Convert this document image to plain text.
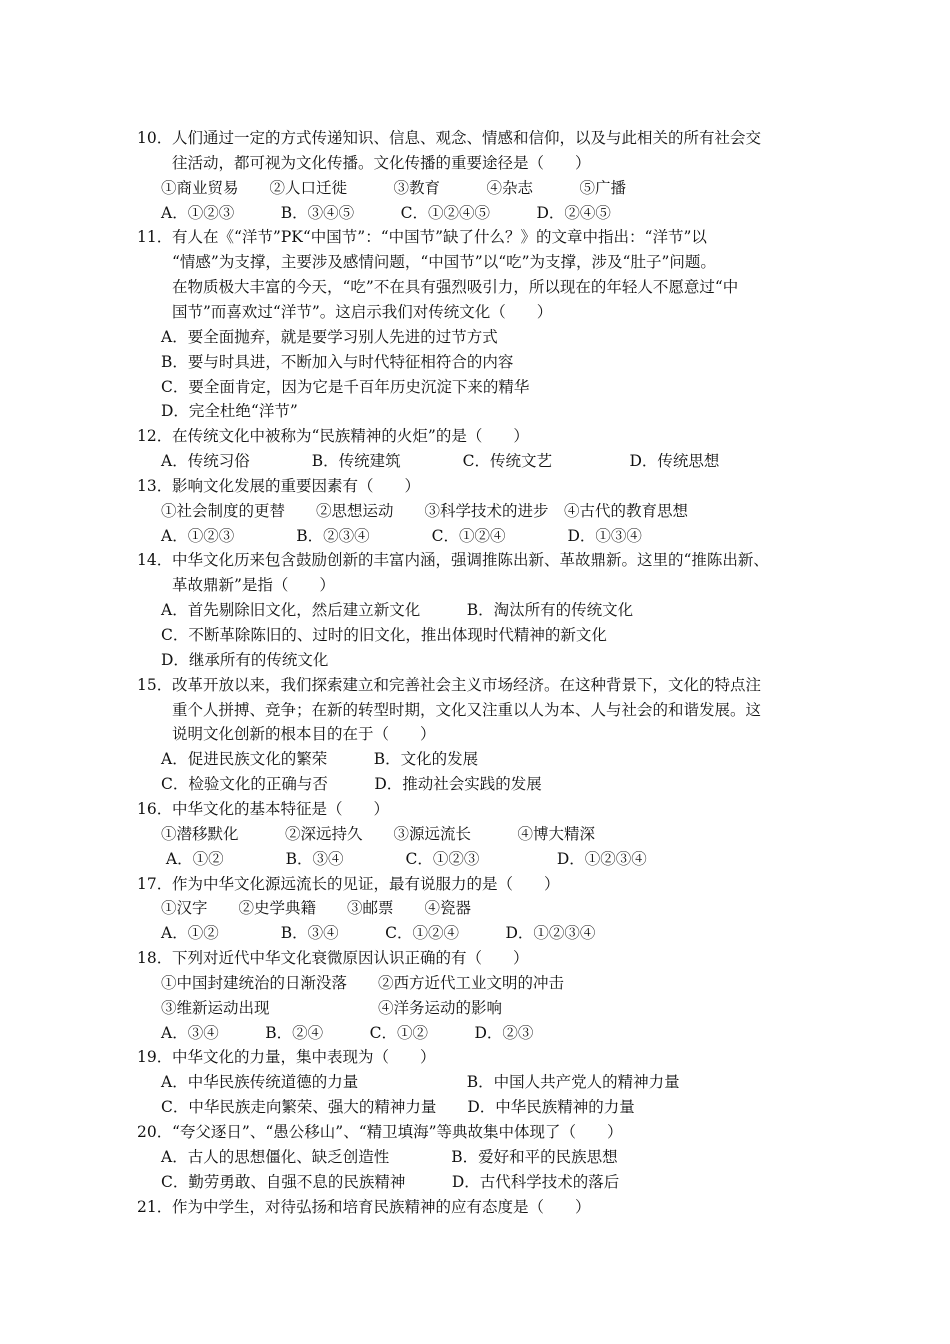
10． 人们通过一定的方式传递知识、信息、观念、情感和信仰，以及与此相关的所有社会交
往活动，都可视为文化传播。文化传播的重要途径是（　　）
①商业贸易　　②人口迁徙　　　③教育　　　④杂志　　　⑤广播
A．①②③　　　B．③④⑤　　　C．①②④⑤　　　D．②④⑤
11． 有人在《“洋节”PK“中国节”：“中国节”缺了什么？》的文章中指出：“洋节”以
“情感”为支撑，主要涉及感情问题，“中国节”以“吃”为支撑，涉及“肚子”问题。
在物质极大丰富的今天，“吃”不在具有强烈吸引力，所以现在的年轻人不愿意过“中
国节”而喜欢过“洋节”。这启示我们对传统文化（　　）
A．要全面抛弃，就是要学习别人先进的过节方式
B．要与时具进，不断加入与时代特征相符合的内容
C．要全面肯定，因为它是千百年历史沉淀下来的精华
D．完全杜绝“洋节”
12． 在传统文化中被称为“民族精神的火炬”的是（　　）
A．传统习俗　　　　B．传统建筑　　　　C．传统文艺　　　　　D．传统思想
13． 影响文化发展的重要因素有（　　）
①社会制度的更替　　②思想运动　　③科学技术的进步　④古代的教育思想
A．①②③　　　　B．②③④　　　　C．①②④　　　　D．①③④
14． 中华文化历来包含鼓励创新的丰富内涵，强调推陈出新、革故鼎新。这里的“推陈出新、
革故鼎新”是指（　　）
A．首先剔除旧文化，然后建立新文化　　　B．淘汰所有的传统文化
C．不断革除陈旧的、过时的旧文化，推出体现时代精神的新文化
D．继承所有的传统文化
15． 改革开放以来，我们探索建立和完善社会主义市场经济。在这种背景下，文化的特点注
重个人拼搏、竞争；在新的转型时期，文化又注重以人为本、人与社会的和谐发展。这
说明文化创新的根本目的在于（　　）
A．促进民族文化的繁荣　　　B．文化的发展
C．检验文化的正确与否　　　D．推动社会实践的发展
16． 中华文化的基本特征是（　　）
①潜移默化　　　②深远持久　　③源远流长　　　④博大精深
A．①②　　　　B．③④　　　　C．①②③　　　　　D．①②③④
17． 作为中华文化源远流长的见证，最有说服力的是（　　）
①汉字　　②史学典籍　　③邮票　　④瓷器
A．①②　　　　B．③④　　　C．①②④　　　D．①②③④
18． 下列对近代中华文化衰微原因认识正确的有（　　）
①中国封建统治的日渐没落　　②西方近代工业文明的冲击
③维新运动出现　　　　　　　④洋务运动的影响
A．③④　　　B．②④　　　C．①②　　　D．②③
19． 中华文化的力量，集中表现为（　　）
A．中华民族传统道德的力量　　　　　　　B．中国人共产党人的精神力量
C．中华民族走向繁荣、强大的精神力量　　D．中华民族精神的力量
20． “夸父逐日”、“愚公移山”、“精卫填海”等典故集中体现了（　　）
A．古人的思想僵化、缺乏创造性　　　　B．爱好和平的民族思想
C．勤劳勇敢、自强不息的民族精神　　　D．古代科学技术的落后
21． 作为中学生，对待弘扬和培育民族精神的应有态度是（　　）
